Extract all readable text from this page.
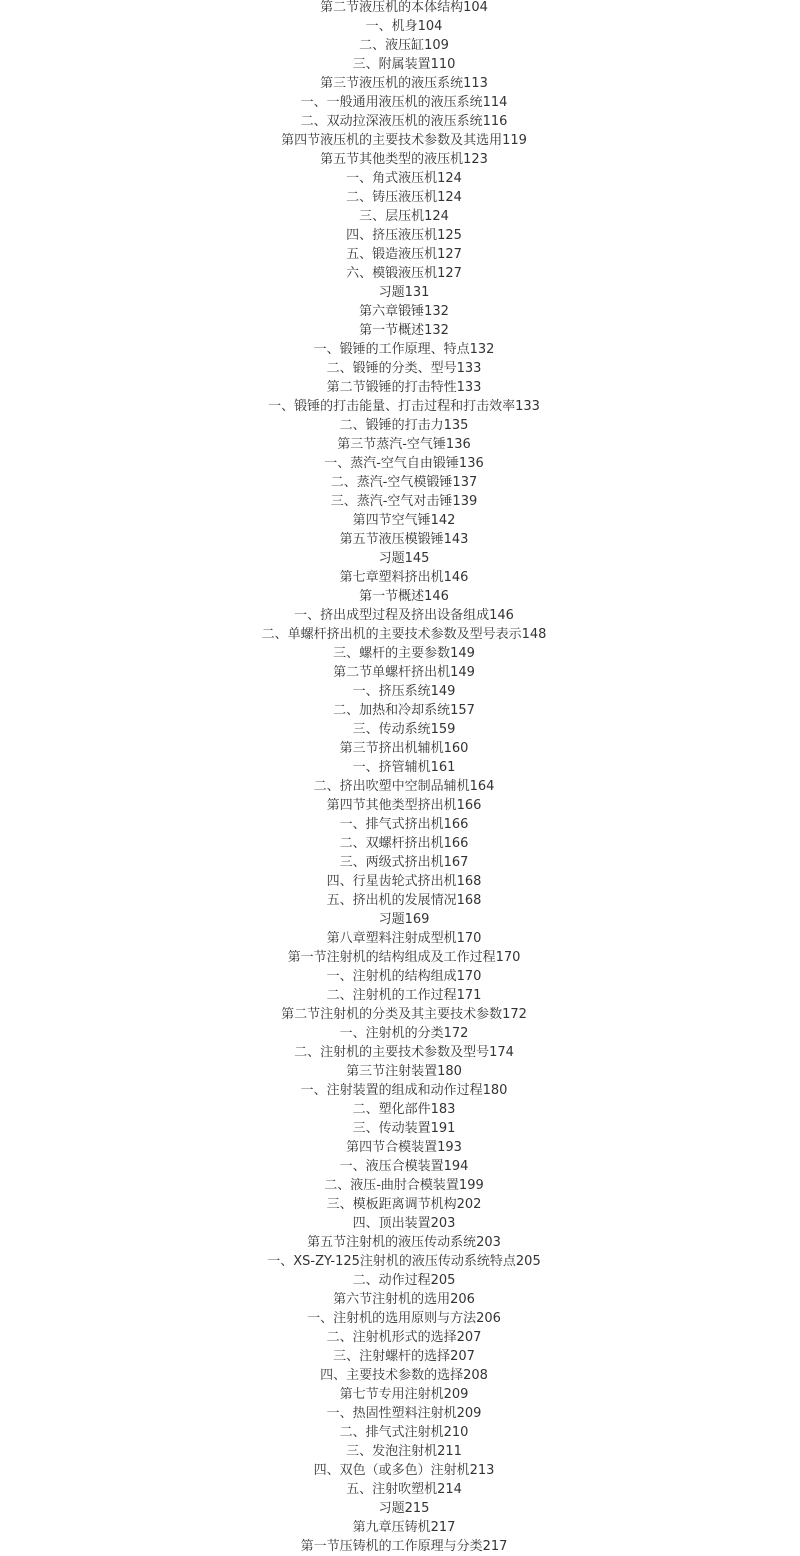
第二节液压机的本体结构104
一、机身104
二、液压缸109
三、附属装置110
第三节液压机的液压系统113
一、一般通用液压机的液压系统114
二、双动拉深液压机的液压系统116
第四节液压机的主要技术参数及其选用119
第五节其他类型的液压机123
一、角式液压机124
二、铸压液压机124
三、层压机124
四、挤压液压机125
五、锻造液压机127
六、模锻液压机127
习题131
第六章锻锤132
第一节概述132
一、锻锤的工作原理、特点132
二、锻锤的分类、型号133
第二节锻锤的打击特性133
一、锻锤的打击能量、打击过程和打击效率133
二、锻锤的打击力135
第三节蒸汽-空气锤136
一、蒸汽-空气自由锻锤136
二、蒸汽-空气模锻锤137
三、蒸汽-空气对击锤139
第四节空气锤142
第五节液压模锻锤143
习题145
第七章塑料挤出机146
第一节概述146
一、挤出成型过程及挤出设备组成146
二、单螺杆挤出机的主要技术参数及型号表示148
三、螺杆的主要参数149
第二节单螺杆挤出机149
一、挤压系统149
二、加热和冷却系统157
三、传动系统159
第三节挤出机辅机160
一、挤管辅机161
二、挤出吹塑中空制品辅机164
第四节其他类型挤出机166
一、排气式挤出机166
二、双螺杆挤出机166
三、两级式挤出机167
四、行星齿轮式挤出机168
五、挤出机的发展情况168
习题169
第八章塑料注射成型机170
第一节注射机的结构组成及工作过程170
一、注射机的结构组成170
二、注射机的工作过程171
第二节注射机的分类及其主要技术参数172
一、注射机的分类172
二、注射机的主要技术参数及型号174
第三节注射装置180
一、注射装置的组成和动作过程180
二、塑化部件183
三、传动装置191
第四节合模装置193
一、液压合模装置194
二、液压-曲肘合模装置199
三、模板距离调节机构202
四、顶出装置203
第五节注射机的液压传动系统203
一、XS-ZY-125注射机的液压传动系统特点205
二、动作过程205
第六节注射机的选用206
一、注射机的选用原则与方法206
二、注射机形式的选择207
三、注射螺杆的选择207
四、主要技术参数的选择208
第七节专用注射机209
一、热固性塑料注射机209
二、排气式注射机210
三、发泡注射机211
四、双色（或多色）注射机213
五、注射吹塑机214
习题215
第九章压铸机217
第一节压铸机的工作原理与分类217
